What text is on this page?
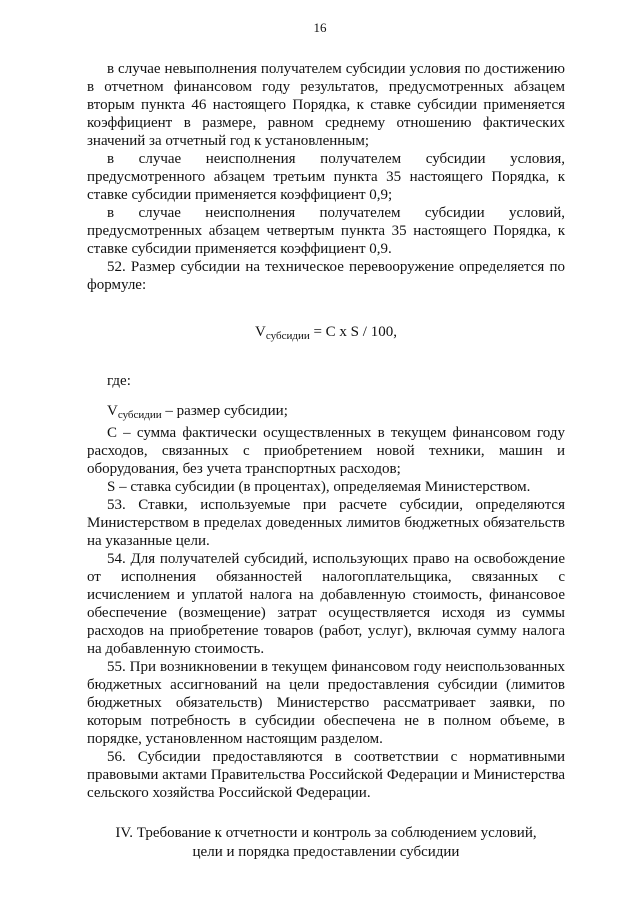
16

в случае невыполнения получателем субсидии условия по достижению в отчетном финансовом году результатов, предусмотренных абзацем вторым пункта 46 настоящего Порядка, к ставке субсидии применяется коэффициент в размере, равном среднему отношению фактических значений за отчетный год к установленным;

в случае неисполнения получателем субсидии условия, предусмотренного абзацем третьим пункта 35 настоящего Порядка, к ставке субсидии применяется коэффициент 0,9;

в случае неисполнения получателем субсидии условий, предусмотренных абзацем четвертым пункта 35 настоящего Порядка, к ставке субсидии применяется коэффициент 0,9.

52. Размер субсидии на техническое перевооружение определяется по формуле:

$V_{субсидии} = C$ x S / 100,

где:

$V_{субсидии}$ – размер субсидии;

С – сумма фактически осуществленных в текущем финансовом году расходов, связанных с приобретением новой техники, машин и оборудования, без учета транспортных расходов;

S – ставка субсидии (в процентах), определяемая Министерством.

53. Ставки, используемые при расчете субсидии, определяются Министерством в пределах доведенных лимитов бюджетных обязательств на указанные цели.

54. Для получателей субсидий, использующих право на освобождение от исполнения обязанностей налогоплательщика, связанных с исчислением и уплатой налога на добавленную стоимость, финансовое обеспечение (возмещение) затрат осуществляется исходя из суммы расходов на приобретение товаров (работ, услуг), включая сумму налога на добавленную стоимость.

55. При возникновении в текущем финансовом году неиспользованных бюджетных ассигнований на цели предоставления субсидии (лимитов бюджетных обязательств) Министерство рассматривает заявки, по которым потребность в субсидии обеспечена не в полном объеме, в порядке, установленном настоящим разделом.

56. Субсидии предоставляются в соответствии с нормативными правовыми актами Правительства Российской Федерации и Министерства сельского хозяйства Российской Федерации.

IV. Требование к отчетности и контроль за соблюдением условий,
цели и порядка предоставлении субсидии
